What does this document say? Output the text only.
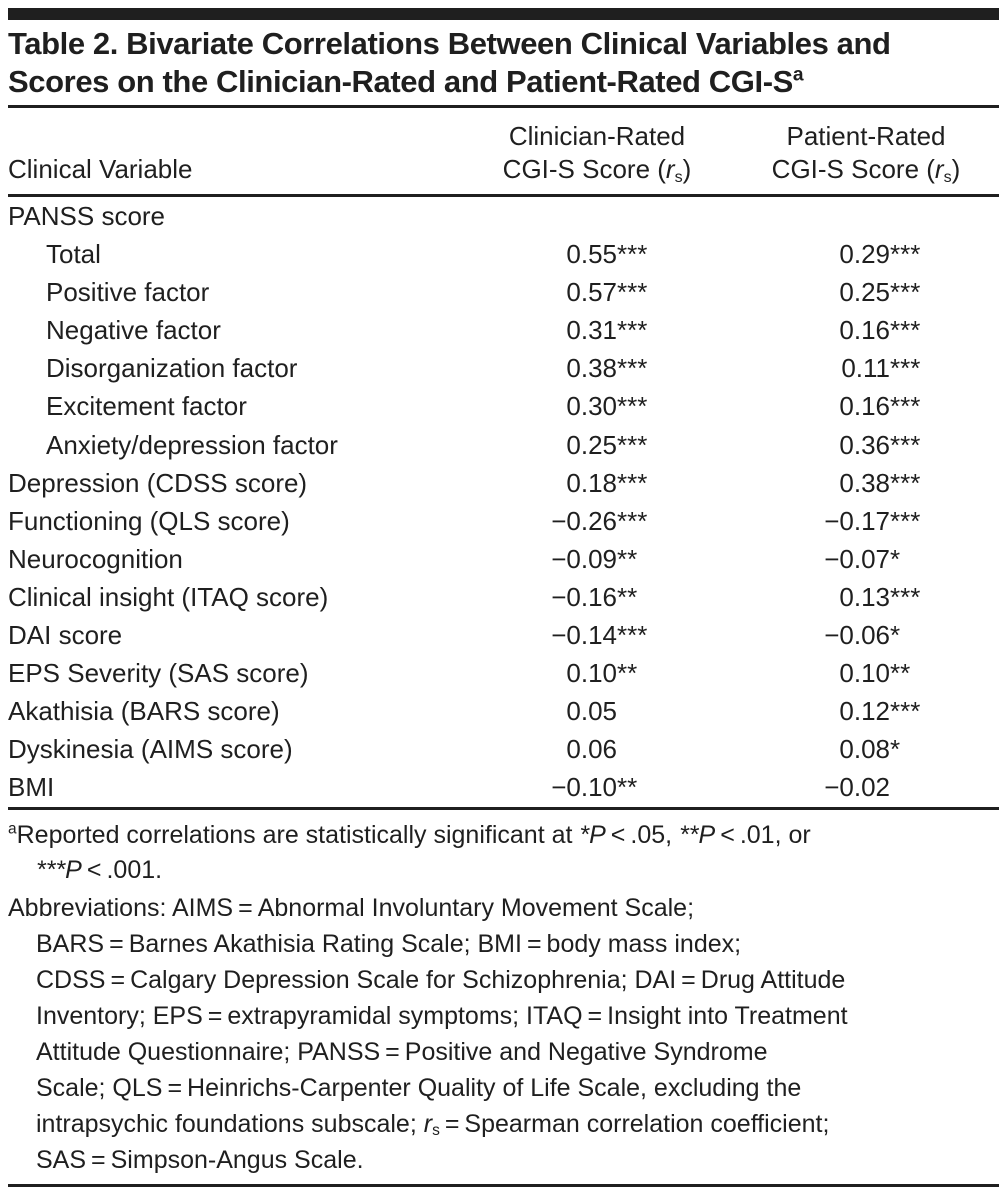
Table 2. Bivariate Correlations Between Clinical Variables and
Scores on the Clinician-Rated and Patient-Rated CGI-$S^a$
Clinical Variable
Clinician-Rated
CGI-S Score $(r_s)$
Patient-Rated
CGI-S Score $(r_s)$
PANSS score
Total	0.55 ***	0.29 ***
Positive factor	0.57 ***	0.25 ***
Negative factor	0.31 ***	0.16 ***
Disorganization factor	0.38 ***	0.11 ***
Excitement factor	0.30 ***	0.16 ***
Anxiety/depression factor	0.25 ***	0.36 ***
Depression (CDSS score)	0.18 ***	0.38 ***
Functioning (QLS score)	−0.26 ***	−0.17 ***
Neurocognition	−0.09 **	−0.07 *
Clinical insight (ITAQ score)	−0.16 **	0.13 ***
DAI score	−0.14 ***	−0.06 *
EPS Severity (SAS score)	0.10 **	0.10 **
Akathisia (BARS score)	0.05	0.12 ***
Dyskinesia (AIMS score)	0.06	0.08 *
BMI	−0.10 **	−0.02
$^a$Reported correlations are statistically significant at *P < .05, **P < .01, or
***P < .001.
Abbreviations: AIMS = Abnormal Involuntary Movement Scale;
BARS = Barnes Akathisia Rating Scale; BMI = body mass index;
CDSS = Calgary Depression Scale for Schizophrenia; DAI = Drug Attitude
Inventory; EPS = extrapyramidal symptoms; ITAQ = Insight into Treatment
Attitude Questionnaire; PANSS = Positive and Negative Syndrome
Scale; QLS = Heinrichs-Carpenter Quality of Life Scale, excluding the
intrapsychic foundations subscale; $r_s$ = Spearman correlation coefficient;
SAS = Simpson-Angus Scale.
